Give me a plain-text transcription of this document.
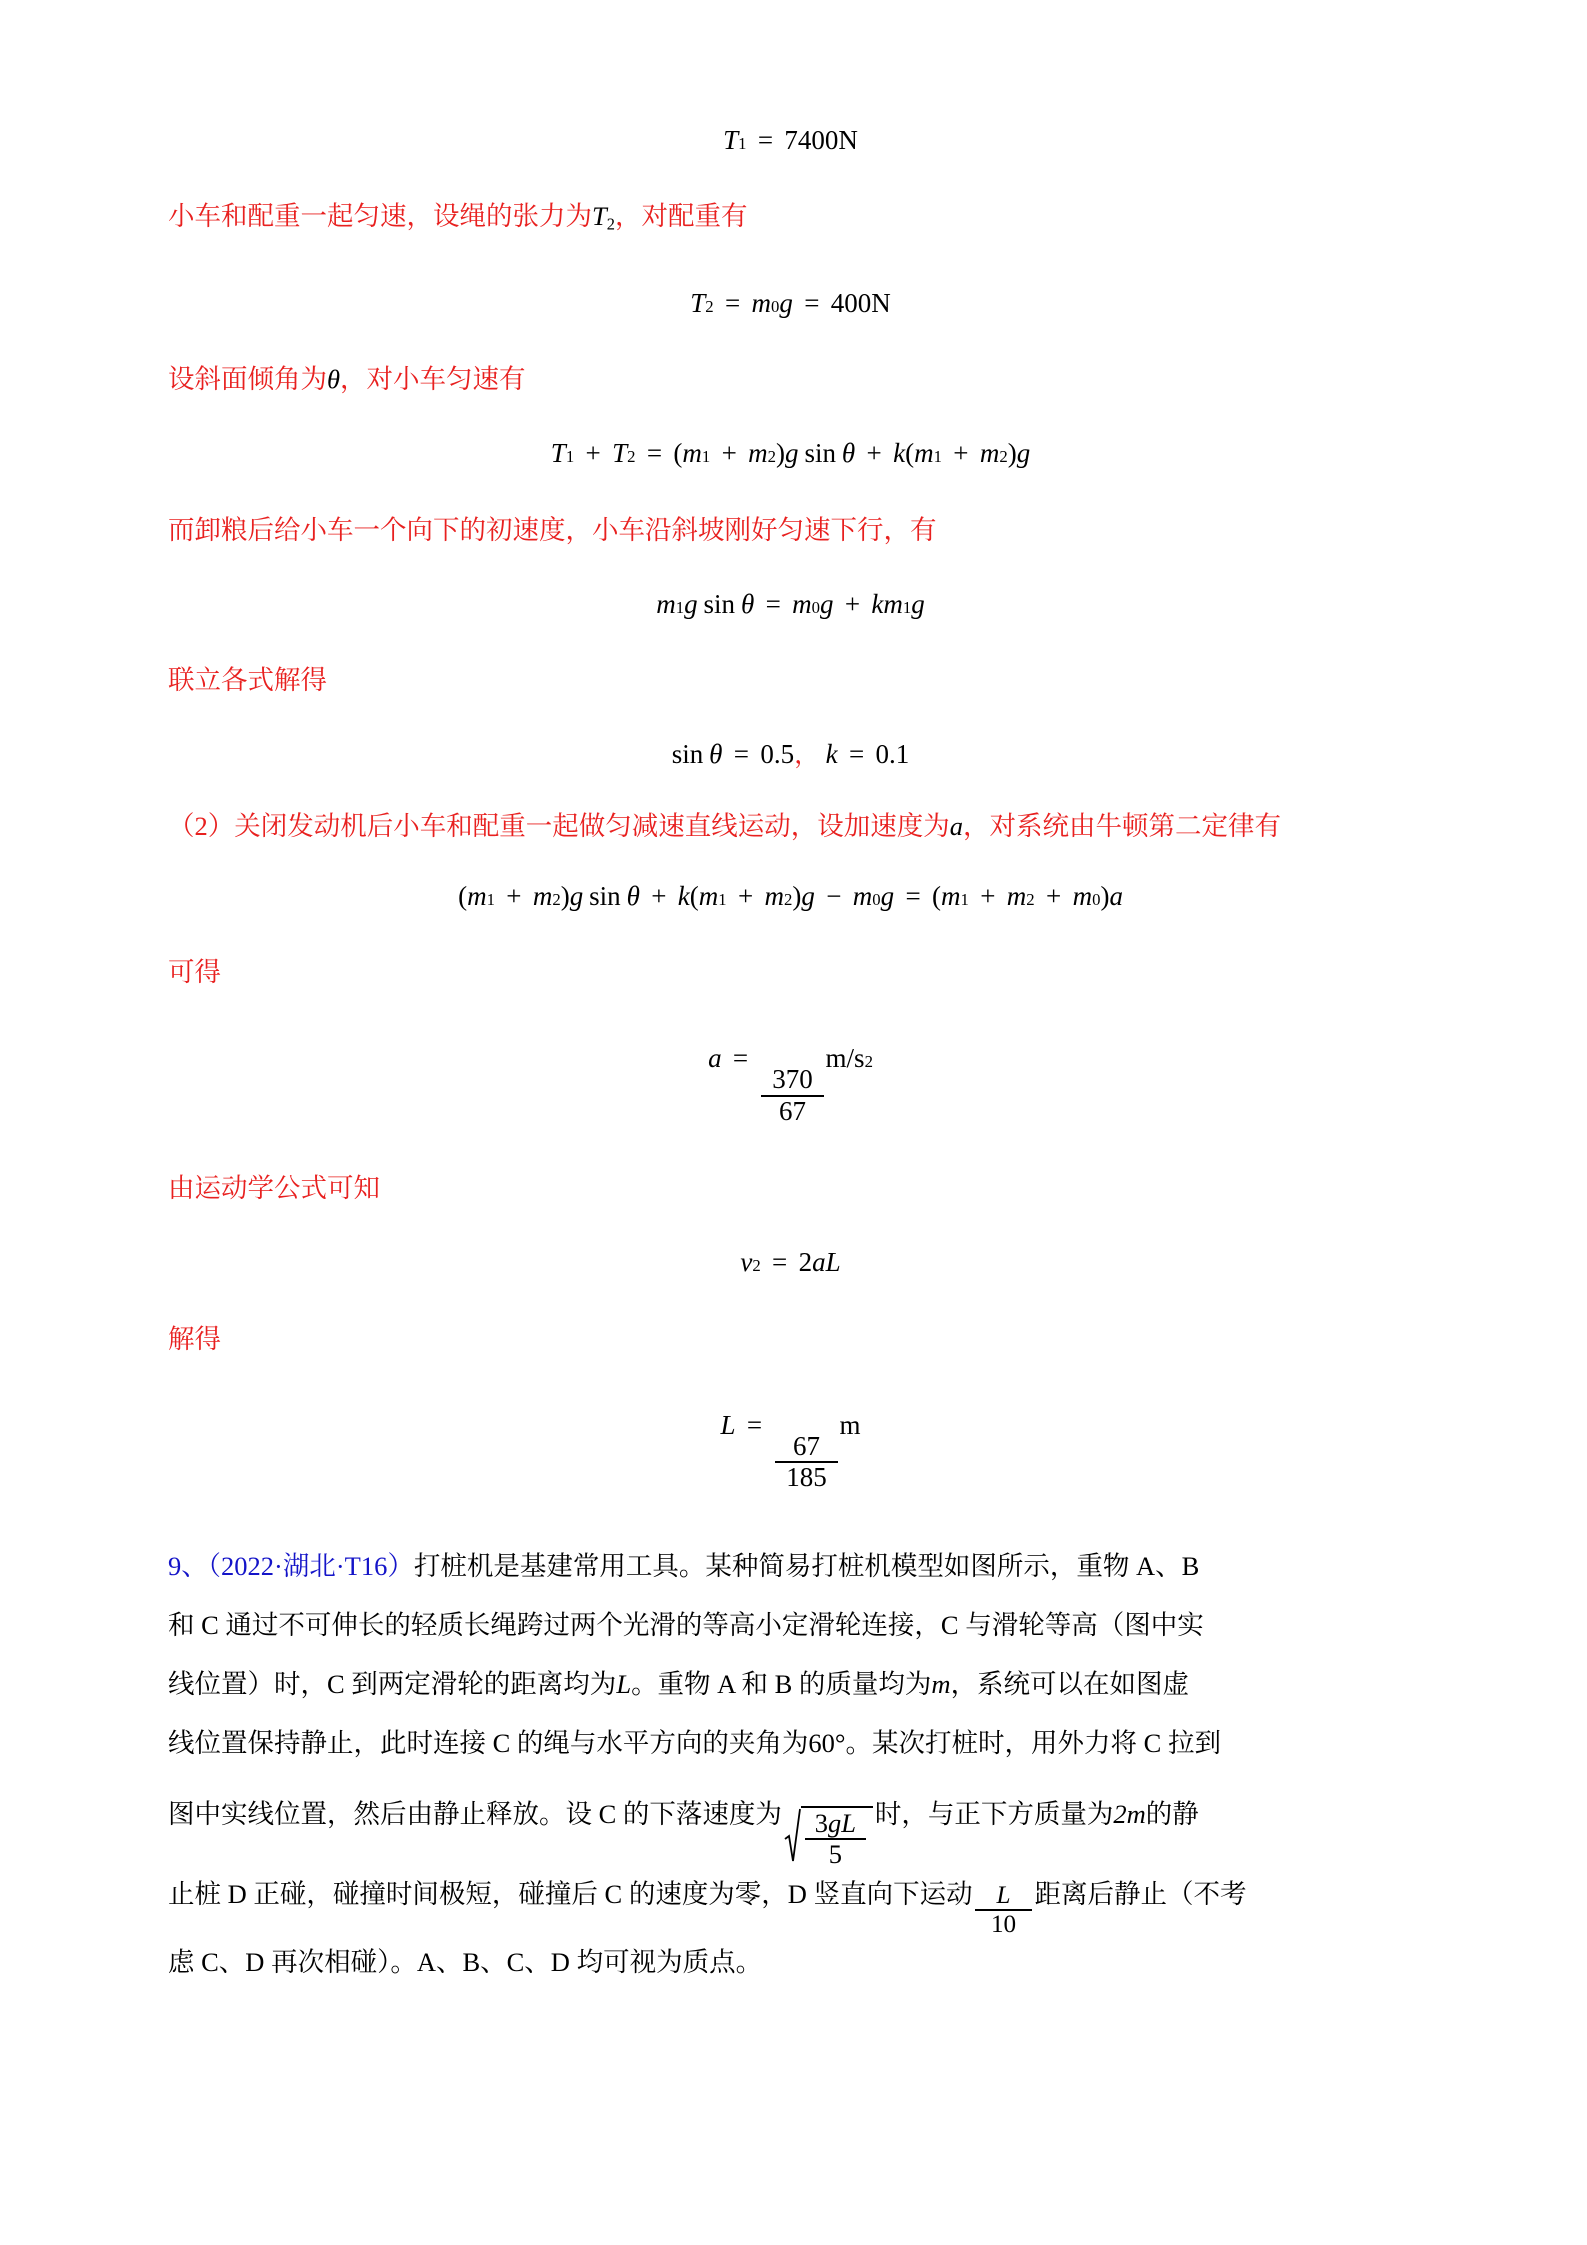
T 1 = 7400N

小车和配重一起匀速，设绳的张力为$T_2$，对配重有

T 2 = m 0 g = 400N

设斜面倾角为θ，对小车匀速有

T 1 + T 2 = ( m 1 + m 2 ) g sin θ + k ( m 1 + m 2 ) g

而卸粮后给小车一个向下的初速度，小车沿斜坡刚好匀速下行，有

m 1 g sin θ = m 0 g + km 1 g

联立各式解得

sin θ = 0.5 ， k = 0.1

（2）关闭发动机后小车和配重一起做匀减速直线运动，设加速度为a，对系统由牛顿第二定律有

( m 1 + m 2 ) g sin θ + k ( m 1 + m 2 ) g − m 0 g = ( m 1 + m 2 + m 0 ) a

可得

a =
$\frac{370}{67}$
m/s 2

由运动学公式可知

v 2 = 2 aL

解得

L =
$\frac{67}{185}$
m

9、（2022·湖北·T16）打桩机是基建常用工具。某种简易打桩机模型如图所示，重物 A、B

和 C 通过不可伸长的轻质长绳跨过两个光滑的等高小定滑轮连接，C 与滑轮等高（图中实

线位置）时，C 到两定滑轮的距离均为L。重物 A 和 B 的质量均为m，系统可以在如图虚

线位置保持静止，此时连接 C 的绳与水平方向的夹角为60°。某次打桩时，用外力将 C 拉到

图中实线位置，然后由静止释放。设 C 的下落速度为 $\frac{3gL}{5}$ 时，与正下方质量为2m的静

止桩 D 正碰，碰撞时间极短，碰撞后 C 的速度为零，D 竖直向下运动 $\frac{L}{10}$ 距离后静止（不考

虑 C、D 再次相碰）。A、B、C、D 均可视为质点。
